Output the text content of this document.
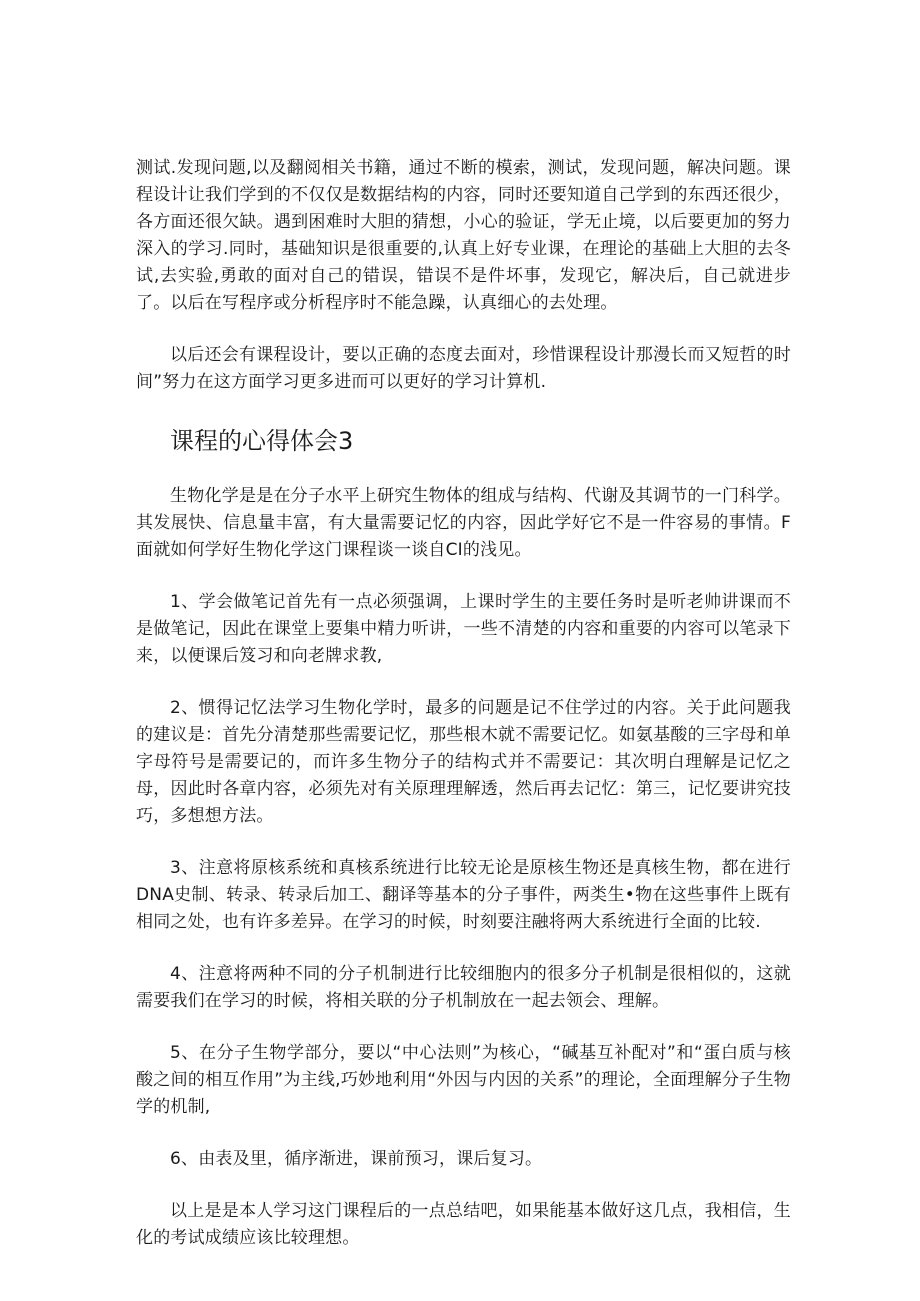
测试.发现问题,以及翻阅相关书籍，通过不断的模索，测试，发现问题，解决问题。课程设计让我们学到的不仅仅是数据结构的内容，同时还要知道自己学到的东西还很少，各方面还很欠缺。遇到困难时大胆的猜想，小心的验证，学无止境，以后要更加的努力深入的学习.同时，基础知识是很重要的,认真上好专业课，在理论的基础上大胆的去冬试,去实验,勇敢的面对自己的错误，错误不是件坏事，发现它，解决后，自己就进步了。以后在写程序或分析程序时不能急躁，认真细心的去处理。

以后还会有课程设计，要以正确的态度去面对，珍惜课程设计那漫长而又短哲的时间”努力在这方面学习更多进而可以更好的学习计算机.

课程的心得体会3

生物化学是是在分子水平上研究生物体的组成与结构、代谢及其调节的一门科学。其发展快、信息量丰富，有大量需要记忆的内容，因此学好它不是一件容易的事情。F面就如何学好生物化学这门课程谈一谈自CI的浅见。

1、学会做笔记首先有一点必须强调，上课时学生的主要任务时是听老帅讲课而不是做笔记，因此在课堂上要集中精力听讲，一些不清楚的内容和重要的内容可以笔录下来，以便课后笈习和向老牌求教,

2、惯得记忆法学习生物化学时，最多的问题是记不住学过的内容。关于此问题我的建议是：首先分清楚那些需要记忆，那些根木就不需要记忆。如氨基酸的三字母和单字母符号是需要记的，而许多生物分子的结构式并不需要记：其次明白理解是记忆之母，因此时各章内容，必须先对有关原理理解透，然后再去记忆：第三，记忆要讲究技巧，多想想方法。

3、注意将原核系统和真核系统进行比较无论是原核生物还是真核生物，都在进行DNA史制、转录、转录后加工、翻译等基本的分子事件，两类生•物在这些事件上既有相同之处，也有许多差异。在学习的时候，时刻要注融将两大系统进行全面的比较.

4、注意将两种不同的分子机制进行比较细胞内的很多分子机制是很相似的，这就需要我们在学习的时候，将相关联的分子机制放在一起去领会、理解。

5、在分子生物学部分，要以“中心法则”为核心，“碱基互补配对”和“蛋白质与核酸之间的相互作用”为主线,巧妙地利用“外因与内因的关系”的理论，全面理解分子生物学的机制,

6、由表及里，循序渐进，课前预习，课后复习。

以上是是本人学习这门课程后的一点总结吧，如果能基本做好这几点，我相信，生化的考试成绩应该比较理想。
